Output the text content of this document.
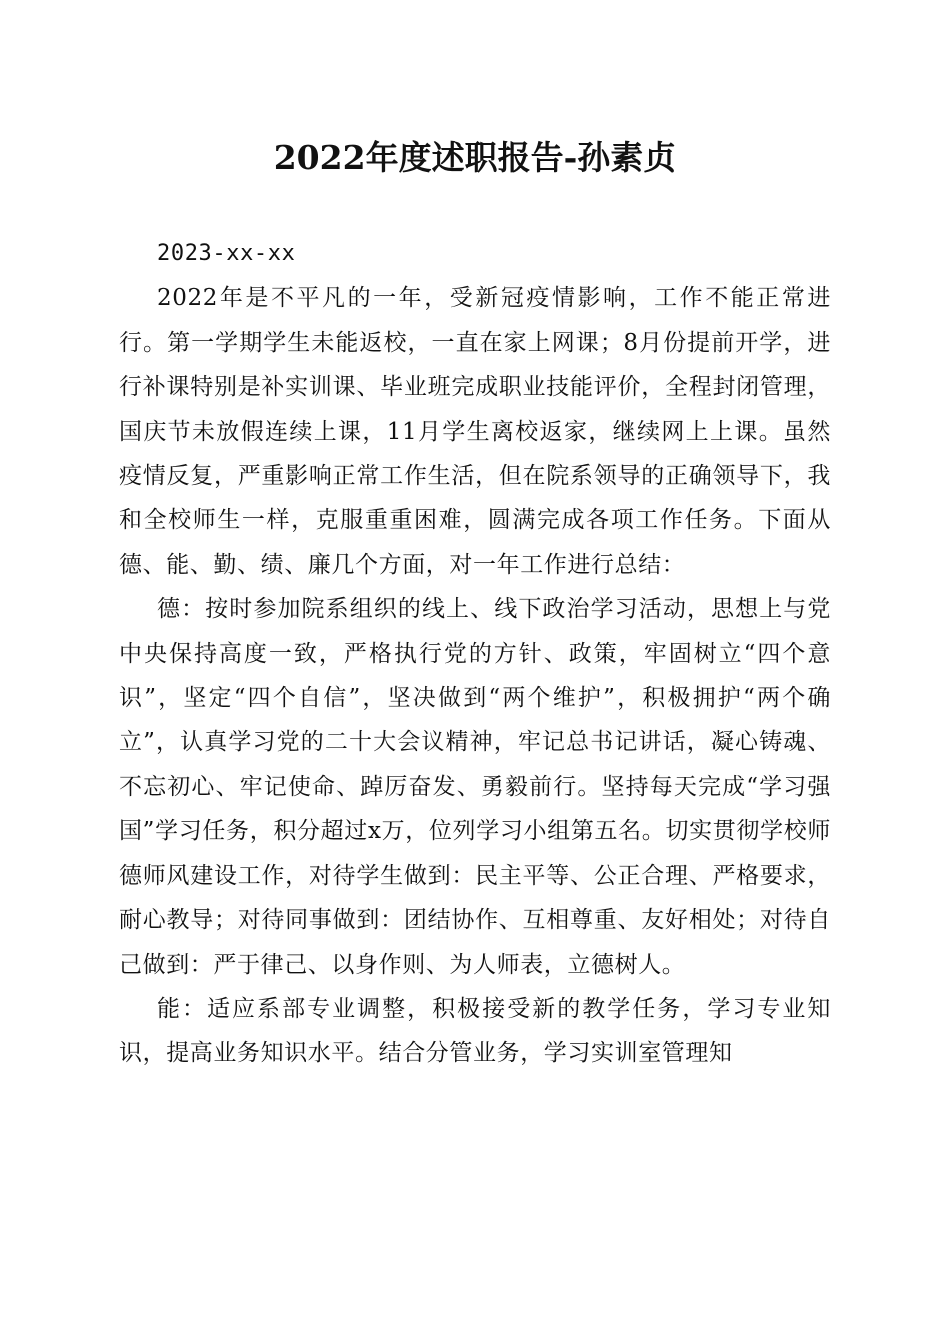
2022年度述职报告-孙素贞

2023-xx-xx

2022年是不平凡的一年，受新冠疫情影响，工作不能正常进行。第一学期学生未能返校，一直在家上网课；8月份提前开学，进行补课特别是补实训课、毕业班完成职业技能评价，全程封闭管理，国庆节未放假连续上课，11月学生离校返家，继续网上上课。虽然疫情反复，严重影响正常工作生活，但在院系领导的正确领导下，我和全校师生一样，克服重重困难，圆满完成各项工作任务。下面从德、能、勤、绩、廉几个方面，对一年工作进行总结：

德：按时参加院系组织的线上、线下政治学习活动，思想上与党中央保持高度一致，严格执行党的方针、政策，牢固树立“四个意识”，坚定“四个自信”，坚决做到“两个维护”，积极拥护“两个确立”，认真学习党的二十大会议精神，牢记总书记讲话，凝心铸魂、不忘初心、牢记使命、踔厉奋发、勇毅前行。坚持每天完成“学习强国”学习任务，积分超过x万，位列学习小组第五名。切实贯彻学校师德师风建设工作，对待学生做到：民主平等、公正合理、严格要求，耐心教导；对待同事做到：团结协作、互相尊重、友好相处；对待自己做到：严于律己、以身作则、为人师表，立德树人。

能：适应系部专业调整，积极接受新的教学任务，学习专业知识，提高业务知识水平。结合分管业务，学习实训室管理知
